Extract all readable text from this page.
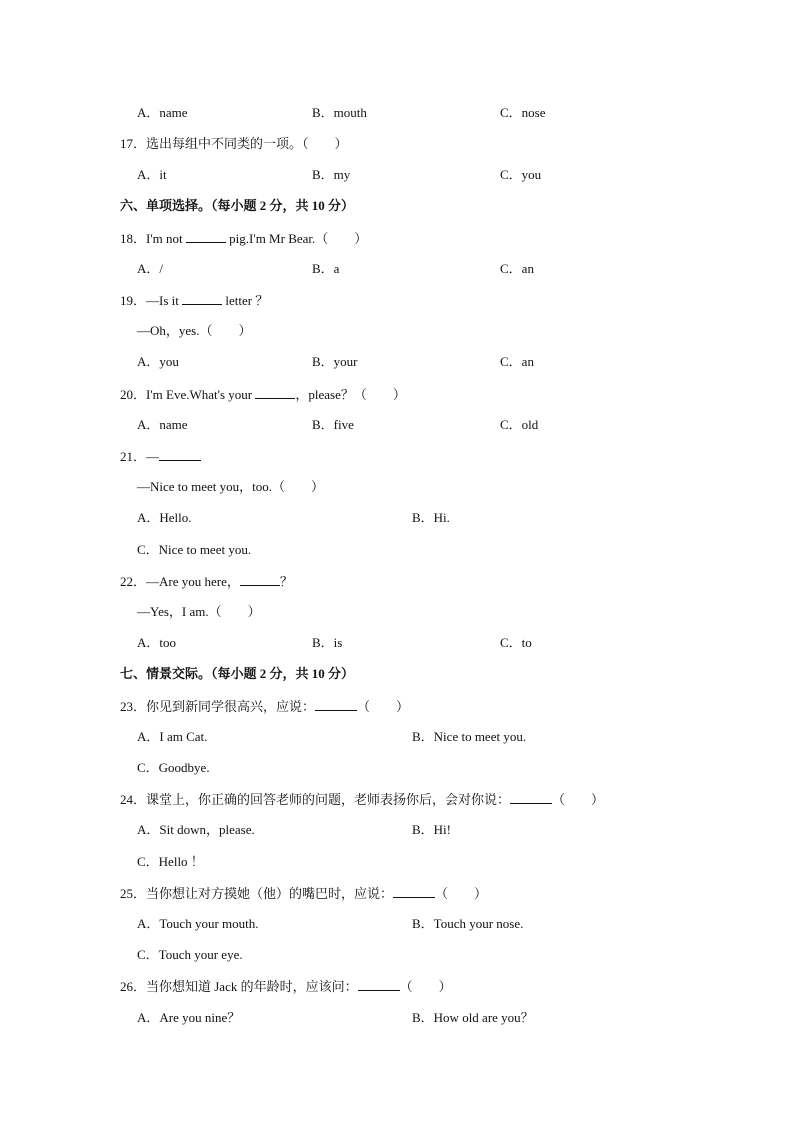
A．name	B．mouth	C．nose
17．选出每组中不同类的一项。（　　）
A．it	B．my	C．you
六、单项选择。（每小题 2 分，共 10 分）
18．I'm not	pig.I'm Mr Bear.（　　）
A．/	B．a	C．an
19．—Is it	letter ？
—Oh，yes.（　　）
A．you	B．your	C．an
20．I'm Eve.What's your	，please？（　　）
A．name	B．five	C．old
21．—
—Nice to meet you，too.（　　）
A．Hello.	B．Hi.
C．Nice to meet you.
22．—Are you here，	？
—Yes，I am.（　　）
A．too	B．is	C．to
七、情景交际。（每小题 2 分，共 10 分）
23．你见到新同学很高兴，应说：	（　　）
A．I am Cat.	B．Nice to meet you.
C．Goodbye.
24．课堂上，你正确的回答老师的问题，老师表扬你后，会对你说：	（　　）
A．Sit down，please.	B．Hi!
C．Hello ！
25．当你想让对方摸她（他）的嘴巴时，应说：	（　　）
A．Touch your mouth.	B．Touch your nose.
C．Touch your eye.
26．当你想知道 Jack 的年龄时，应该问：	（　　）
A．Are you nine？	B．How old are you？
